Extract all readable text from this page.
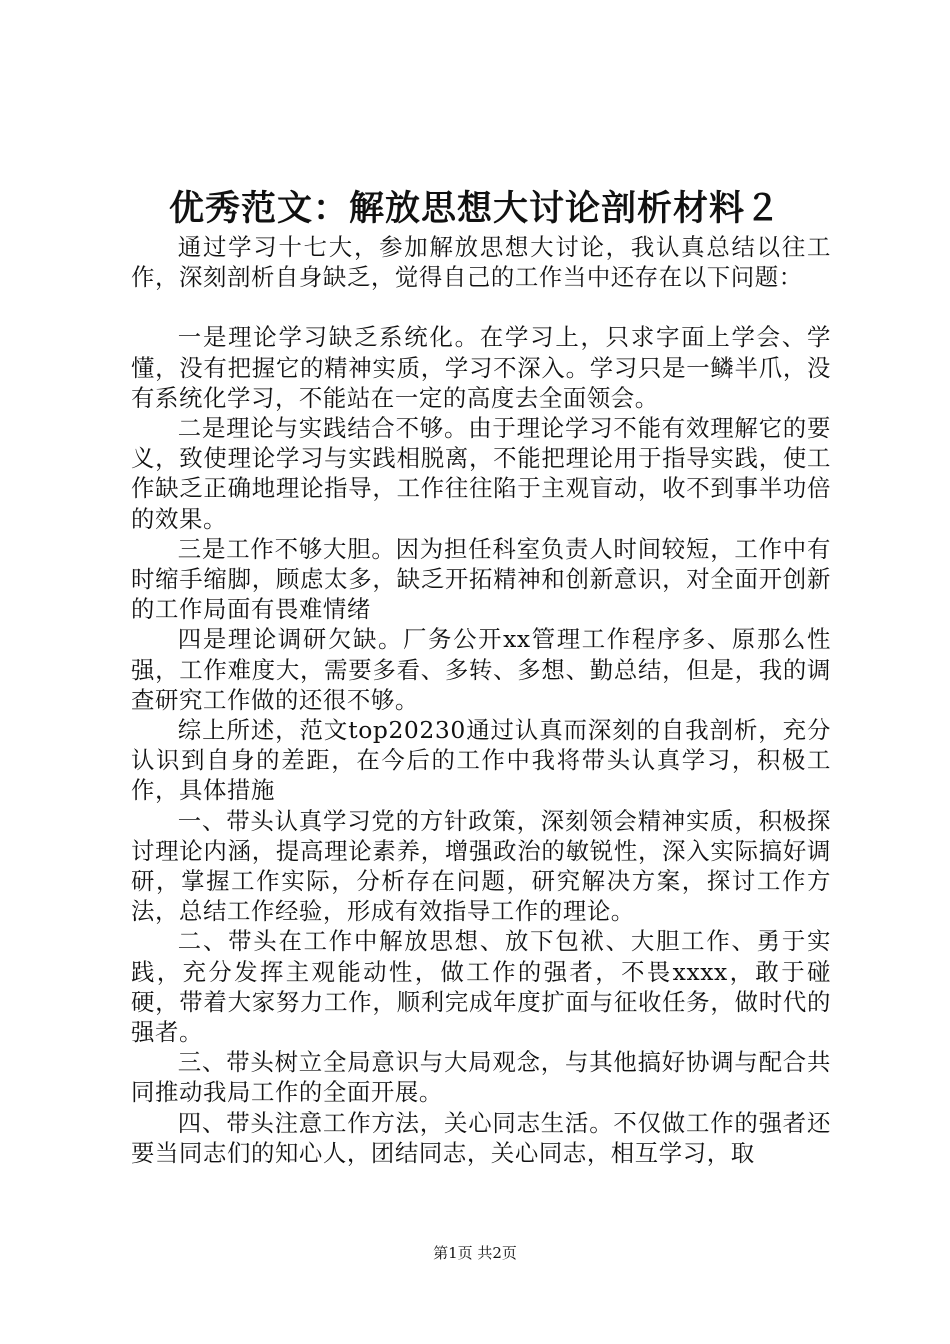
优秀范文：解放思想大讨论剖析材料２

通过学习十七大，参加解放思想大讨论，我认真总结以往工作，深刻剖析自身缺乏，觉得自己的工作当中还存在以下问题：

一是理论学习缺乏系统化。在学习上，只求字面上学会、学懂，没有把握它的精神实质，学习不深入。学习只是一鳞半爪，没有系统化学习，不能站在一定的高度去全面领会。

二是理论与实践结合不够。由于理论学习不能有效理解它的要义，致使理论学习与实践相脱离，不能把理论用于指导实践，使工作缺乏正确地理论指导，工作往往陷于主观盲动，收不到事半功倍的效果。

三是工作不够大胆。因为担任科室负责人时间较短，工作中有时缩手缩脚，顾虑太多，缺乏开拓精神和创新意识，对全面开创新的工作局面有畏难情绪

四是理论调研欠缺。厂务公开xx管理工作程序多、原那么性强，工作难度大，需要多看、多转、多想、勤总结，但是，我的调查研究工作做的还很不够。

综上所述，范文top20230通过认真而深刻的自我剖析，充分认识到自身的差距，在今后的工作中我将带头认真学习，积极工作，具体措施

一、带头认真学习党的方针政策，深刻领会精神实质，积极探讨理论内涵，提高理论素养，增强政治的敏锐性，深入实际搞好调研，掌握工作实际，分析存在问题，研究解决方案，探讨工作方法，总结工作经验，形成有效指导工作的理论。

二、带头在工作中解放思想、放下包袱、大胆工作、勇于实践，充分发挥主观能动性，做工作的强者，不畏xxxx，敢于碰硬，带着大家努力工作，顺利完成年度扩面与征收任务，做时代的强者。

三、带头树立全局意识与大局观念，与其他搞好协调与配合共同推动我局工作的全面开展。

四、带头注意工作方法，关心同志生活。不仅做工作的强者还要当同志们的知心人，团结同志，关心同志，相互学习，取

第1页 共2页
